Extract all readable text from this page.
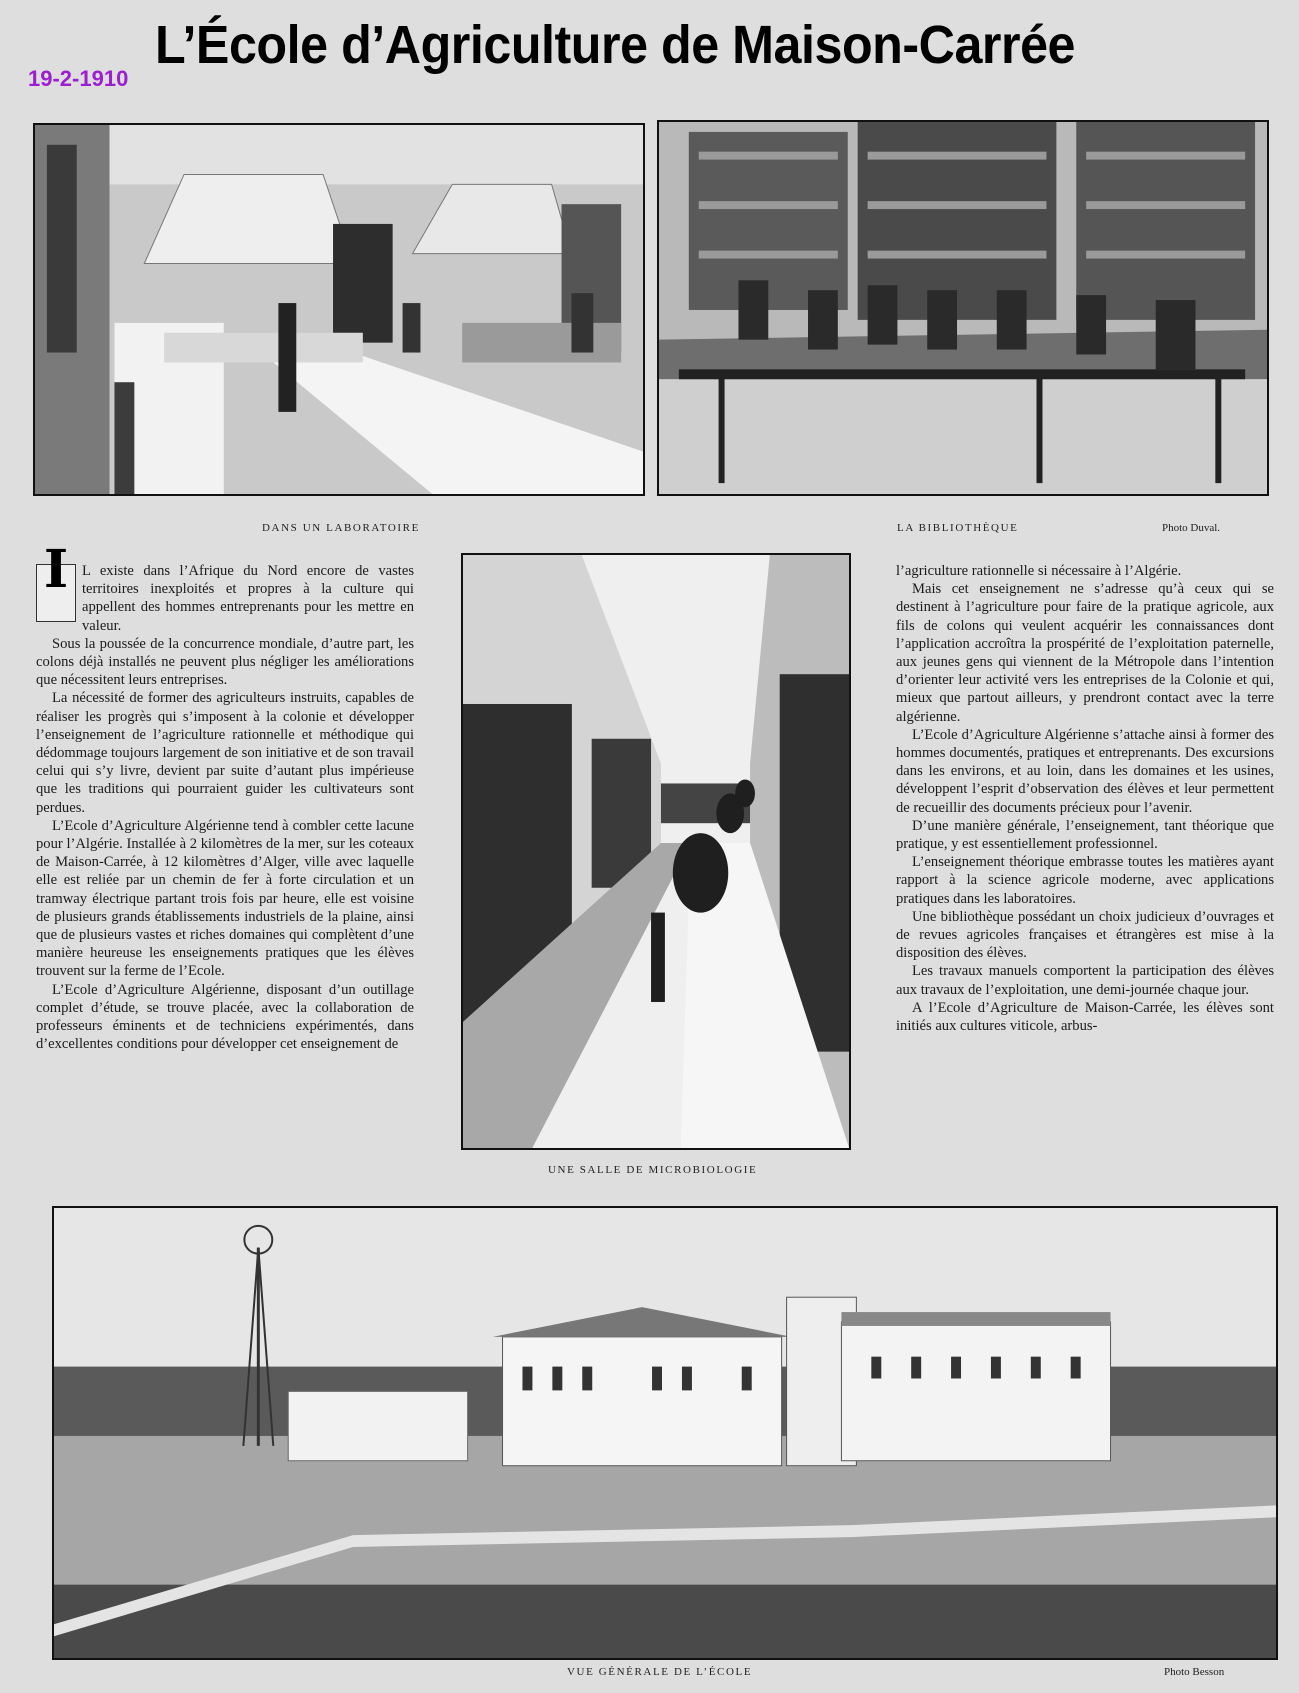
19-2-1910
L’École d’Agriculture de Maison-Carrée
DANS UN LABORATOIRE	LA BIBLIOTHÈQUE	Photo Duval.

I L existe dans l’Afrique du Nord encore de vastes territoires inexploités et propres à la culture qui appellent des hommes entreprenants pour les mettre en valeur.

Sous la poussée de la concurrence mondiale, d’autre part, les colons déjà installés ne peuvent plus négliger les améliorations que nécessitent leurs entreprises.

La nécessité de former des agriculteurs instruits, capables de réaliser les progrès qui s’imposent à la colonie et développer l’enseignement de l’agriculture rationnelle et méthodique qui dédommage toujours largement de son initiative et de son travail celui qui s’y livre, devient par suite d’autant plus impérieuse que les traditions qui pourraient guider les cultivateurs sont perdues.

L’Ecole d’Agriculture Algérienne tend à combler cette lacune pour l’Algérie. Installée à 2 kilomètres de la mer, sur les coteaux de Maison-Carrée, à 12 kilomètres d’Alger, ville avec laquelle elle est reliée par un chemin de fer à forte circulation et un tramway électrique partant trois fois par heure, elle est voisine de plusieurs grands établissements industriels de la plaine, ainsi que de plusieurs vastes et riches domaines qui complètent d’une manière heureuse les enseignements pratiques que les élèves trouvent sur la ferme de l’Ecole.

L’Ecole d’Agriculture Algérienne, disposant d’un outillage complet d’étude, se trouve placée, avec la collaboration de professeurs éminents et de techniciens expérimentés, dans d’excellentes conditions pour développer cet enseignement de

UNE SALLE DE MICROBIOLOGIE

l’agriculture rationnelle si nécessaire à l’Algérie.

Mais cet enseignement ne s’adresse qu’à ceux qui se destinent à l’agriculture pour faire de la pratique agricole, aux fils de colons qui veulent acquérir les connaissances dont l’application accroîtra la prospérité de l’exploitation paternelle, aux jeunes gens qui viennent de la Métropole dans l’intention d’orienter leur activité vers les entreprises de la Colonie et qui, mieux que partout ailleurs, y prendront contact avec la terre algérienne.

L’Ecole d’Agriculture Algérienne s’attache ainsi à former des hommes documentés, pratiques et entreprenants. Des excursions dans les environs, et au loin, dans les domaines et les usines, développent l’esprit d’observation des élèves et leur permettent de recueillir des documents précieux pour l’avenir.

D’une manière générale, l’enseignement, tant théorique que pratique, y est essentiellement professionnel.

L’enseignement théorique embrasse toutes les matières ayant rapport à la science agricole moderne, avec applications pratiques dans les laboratoires.

Une bibliothèque possédant un choix judicieux d’ouvrages et de revues agricoles françaises et étrangères est mise à la disposition des élèves.

Les travaux manuels comportent la participation des élèves aux travaux de l’exploitation, une demi-journée chaque jour.

A l’Ecole d’Agriculture de Maison-Carrée, les élèves sont initiés aux cultures viticole, arbus-

VUE GÉNÉRALE DE L’ÉCOLE	Photo Besson
